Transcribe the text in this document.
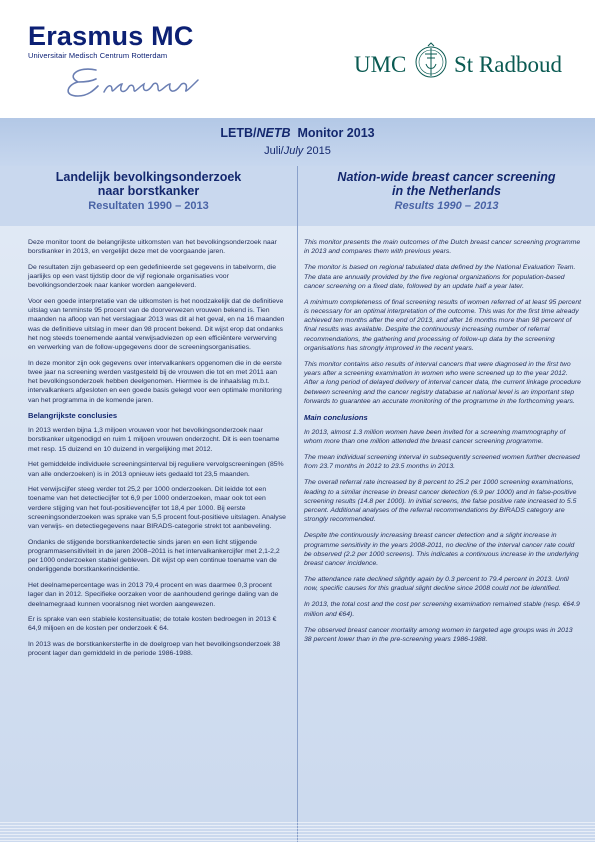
Erasmus MC
Universitair Medisch Centrum Rotterdam	UMC St Radboud
LETB/NETB  Monitor 2013
Juli/July 2015
Landelijk bevolkingsonderzoek
naar borstkanker
Resultaten 1990 – 2013

Deze monitor toont de belangrijkste uitkomsten van het bevolkingsonderzoek naar borstkanker in 2013, en vergelijkt deze met de voorgaande jaren.

De resultaten zijn gebaseerd op een gedefinieerde set gegevens in tabelvorm, die jaarlijks op een vast tijdstip door de vijf regionale organisaties voor bevolkingsonderzoek naar kanker worden aangeleverd.

Voor een goede interpretatie van de uitkomsten is het noodzakelijk dat de definitieve uitslag van tenminste 95 procent van de doorverwezen vrouwen bekend is. Tien maanden na afloop van het verslagjaar 2013 was dit al het geval, en na 16 maanden was de definitieve uitslag in meer dan 98 procent bekend. Dit wijst erop dat ondanks het nog steeds toenemende aantal verwijsadviezen op een efficiëntere verwerving en verwerking van de follow-upgegevens door de screeningsorganisaties.

In deze monitor zijn ook gegevens over intervalkankers opgenomen die in de eerste twee jaar na screening werden vastgesteld bij de vrouwen die tot en met 2011 aan het bevolkingsonderzoek hebben deelgenomen. Hiermee is de inhaalslag m.b.t. intervalkankers afgesloten en een goede basis gelegd voor een optimale monitoring van het programma in de komende jaren.

Belangrijkste conclusies

In 2013 werden bijna 1,3 miljoen vrouwen voor het bevolkingsonderzoek naar borstkanker uitgenodigd en ruim 1 miljoen vrouwen onderzocht. Dit is een toename met resp. 15 duizend en 10 duizend in vergelijking met 2012.

Het gemiddelde individuele screeningsinterval bij reguliere vervolgscreeningen (85% van alle onderzoeken) is in 2013 opnieuw iets gedaald tot 23,5 maanden.

Het verwijscijfer steeg verder tot 25,2 per 1000 onderzoeken. Dit leidde tot een toename van het detectiecijfer tot 6,9 per 1000 onderzoeken, maar ook tot een verdere stijging van het fout-positievencijfer tot 18,4 per 1000. Bij eerste screeningsonderzoeken was sprake van 5,5 procent fout-positieve uitslagen. Analyse van verwijs- en detectiegegevens naar BIRADS-categorie strekt tot aanbeveling.

Ondanks de stijgende borstkankerdetectie sinds jaren en een licht stijgende programmasensitiviteit in de jaren 2008–2011 is het intervalkankercijfer met 2,1-2,2 per 1000 onderzoeken stabiel gebleven. Dit wijst op een continue toename van de onderliggende borstkankerincidentie.

Het deelnamepercentage was in 2013 79,4 procent en was daarmee 0,3 procent lager dan in 2012. Specifieke oorzaken voor de aanhoudend geringe daling van de deelnamegraad kunnen vooralsnog niet worden aangewezen.

Er is sprake van een stabiele kostensituatie; de totale kosten bedroegen in 2013 € 64,9 miljoen en de kosten per onderzoek € 64.

In 2013 was de borstkankersterfte in de doelgroep van het bevolkingsonderzoek 38 procent lager dan gemiddeld in de periode 1986-1988.

Nation-wide breast cancer screening
in the Netherlands
Results 1990 – 2013

This monitor presents the main outcomes of the Dutch breast cancer screening programme in 2013 and compares them with previous years.

The monitor is based on regional tabulated data defined by the National Evaluation Team. The data are annually provided by the five regional organizations for population-based cancer screening on a fixed date, followed by an update half a year later.

A minimum completeness of final screening results of women referred of at least 95 percent is necessary for an optimal interpretation of the outcome. This was for the first time already achieved ten months after the end of 2013, and after 16 months more than 98 percent of final results was available. Despite the continuously increasing number of referral recommendations, the gathering and processing of follow-up data by the screening organisations has strongly improved in the recent years.

This monitor contains also results of interval cancers that were diagnosed in the first two years after a screening examination in women who were screened up to the year 2012. After a long period of delayed delivery of interval cancer data, the current linkage procedure between screening and the cancer registry database at national level is an important step forwards to guarantee an accurate monitoring of the programme in the forthcoming years.

Main conclusions

In 2013, almost 1.3 million women have been invited for a screening mammography of whom more than one million attended the breast cancer screening programme.

The mean individual screening interval in subsequently screened women further decreased from 23.7 months in 2012 to 23.5 months in 2013.

The overall referral rate increased by 8 percent to 25.2 per 1000 screening examinations, leading to a similar increase in breast cancer detection (6.9 per 1000) and in false-positive screening results (14.8 per 1000). In initial screens, the false positive rate increased to 5.5 percent. Additional analyses of the referral recommendations by BIRADS category are strongly recommended.

Despite the continuously increasing breast cancer detection and a slight increase in programme sensitivity in the years 2008-2011, no decline of the interval cancer rate could be observed (2.2 per 1000 screens). This indicates a continuous increase in the underlying breast cancer incidence.

The attendance rate declined slightly again by 0.3 percent to 79.4 percent in 2013. Until now, specific causes for this gradual slight decline since 2008 could not be identified.

In 2013, the total cost and the cost per screening examination remained stable (resp. €64.9 million and €64).

The observed breast cancer mortality among women in targeted age groups was in 2013 38 percent lower than in the pre-screening years 1986-1988.
